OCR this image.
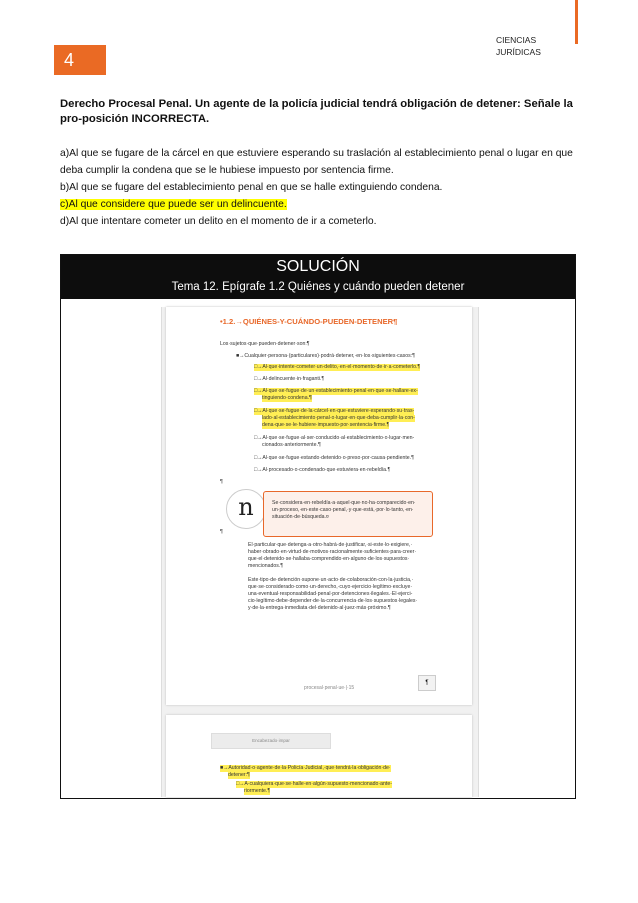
CIENCIAS
JURÍDICAS
4
Derecho Procesal Penal. Un agente de la policía judicial tendrá obligación de detener: Señale la pro-posición INCORRECTA.

a)Al que se fugare de la cárcel en que estuviere esperando su traslación al establecimiento penal o lugar en que deba cumplir la condena que se le hubiese impuesto por sentencia firme.

b)Al que se fugare del establecimiento penal en que se halle extinguiendo condena.

c)Al que considere que puede ser un delincuente.

d)Al que intentare cometer un delito en el momento de ir a cometerlo.

SOLUCIÓN
Tema 12. Epígrafe 1.2 Quiénes y cuándo pueden detener
•1.2.→QUIÉNES-Y-CUÁNDO-PUEDEN-DETENER¶
Los·sujetos·que·pueden·detener·son:¶
■→Cualquier·persona·(particulares)·podrá·detener,·en·los·siguientes·casos:¶
□→Al·que·intente·cometer·un·delito,·en·el·momento·de·ir·a·cometerlo.¶
□→Al·delincuente·in·fraganti.¶
□→Al·que·se·fugue·de·un·establecimiento·penal·en·que·se·hallare·ex-
tinguiendo·condena.¶
□→Al·que·se·fugue·de·la·cárcel·en·que·estuviere·esperando·su·tras-
lado·al·establecimiento·penal·o·lugar·en·que·deba·cumplir·la·con-
dena·que·se·le·hubiere·impuesto·por·sentencia·firme.¶
□→Al·que·se·fugue·al·ser·conducido·al·establecimiento·o·lugar·men-
cionados·anteriormente.¶
□→Al·que·se·fugue·estando·detenido·o·preso·por·causa·pendiente.¶
□→Al·procesado·o·condenado·que·estuviera·en·rebeldía.¶
¶
n	Se·considera·en·rebeldía·a·aquel·que·no·ha·comparecido·en·
un·proceso,·en·este·caso·penal,·y·que·está,·por·lo·tanto,·en·
situación·de·búsqueda.¤
¶
El·particular·que·detenga·a·otro·habrá·de·justificar,·si·este·lo·exigiere,·
haber·obrado·en·virtud·de·motivos·racionalmente·suficientes·para·creer·
que·el·detenido·se·hallaba·comprendido·en·alguno·de·los·supuestos·
mencionados.¶
Este·tipo·de·detención·supone·un·acto·de·colaboración·con·la·justicia,·
que·se·considerado·como·un·derecho,·cuyo·ejercicio·legítimo·excluye·
una·eventual·responsabilidad·penal·por·detenciones·ilegales.·El·ejerci-
cio·legítimo·debe·depender·de·la·concurrencia·de·los·supuestos·legales·
y·de·la·entrega·inmediata·del·detenido·al·juez·más·próximo.¶
procesal·penal·ue·|·15
¶
Encabezado·impar
■→Autoridad·o·agente·de·la·Policía·Judicial,·que·tendrá·la·obligación·de·
detener:¶
□→A·cualquiera·que·se·halle·en·algún·supuesto·mencionado·ante-
riormente.¶
